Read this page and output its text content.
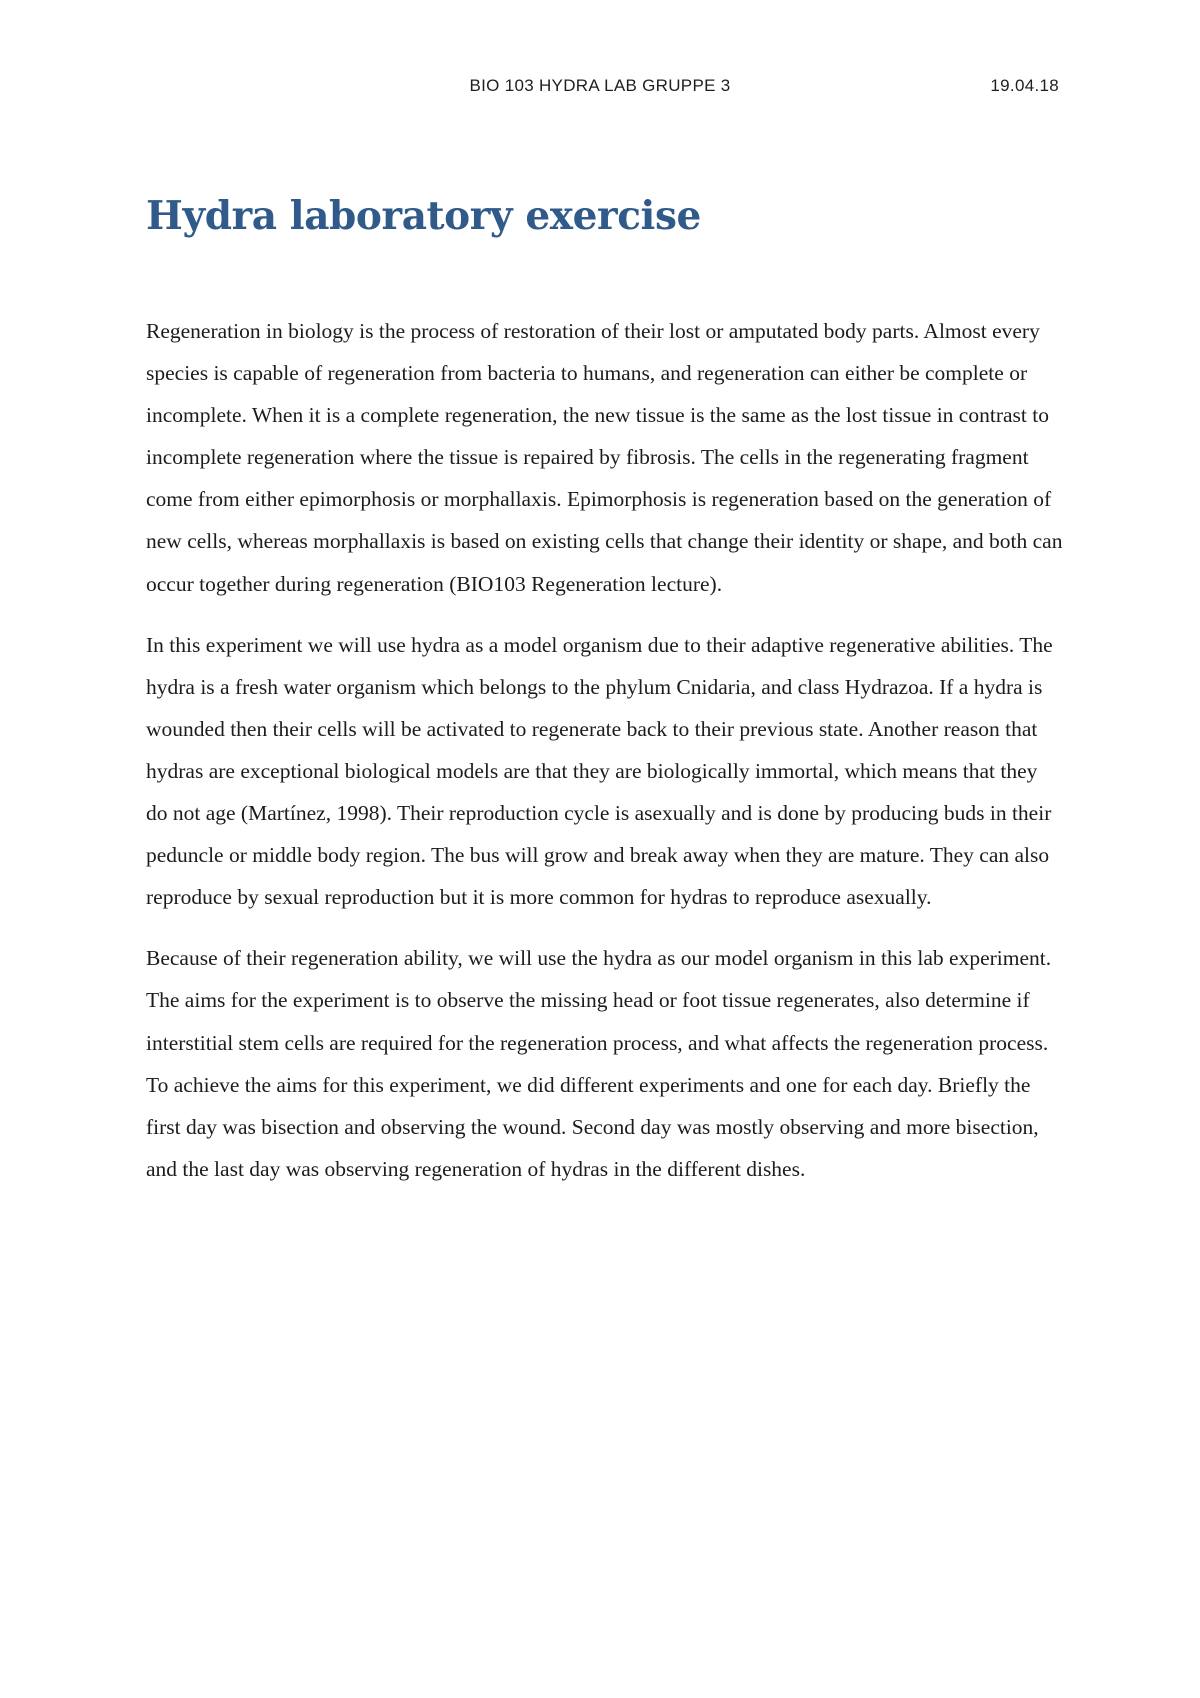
BIO 103 HYDRA LAB GRUPPE 3	19.04.18
Hydra laboratory exercise

Regeneration in biology is the process of restoration of their lost or amputated body parts. Almost every species is capable of regeneration from bacteria to humans, and regeneration can either be complete or incomplete. When it is a complete regeneration, the new tissue is the same as the lost tissue in contrast to incomplete regeneration where the tissue is repaired by fibrosis. The cells in the regenerating fragment come from either epimorphosis or morphallaxis. Epimorphosis is regeneration based on the generation of new cells, whereas morphallaxis is based on existing cells that change their identity or shape, and both can occur together during regeneration (BIO103 Regeneration lecture).

In this experiment we will use hydra as a model organism due to their adaptive regenerative abilities. The hydra is a fresh water organism which belongs to the phylum Cnidaria, and class Hydrazoa. If a hydra is wounded then their cells will be activated to regenerate back to their previous state. Another reason that hydras are exceptional biological models are that they are biologically immortal, which means that they do not age (Martínez, 1998). Their reproduction cycle is asexually and is done by producing buds in their peduncle or middle body region. The bus will grow and break away when they are mature. They can also reproduce by sexual reproduction but it is more common for hydras to reproduce asexually.

Because of their regeneration ability, we will use the hydra as our model organism in this lab experiment. The aims for the experiment is to observe the missing head or foot tissue regenerates, also determine if interstitial stem cells are required for the regeneration process, and what affects the regeneration process. To achieve the aims for this experiment, we did different experiments and one for each day. Briefly the first day was bisection and observing the wound. Second day was mostly observing and more bisection, and the last day was observing regeneration of hydras in the different dishes.
